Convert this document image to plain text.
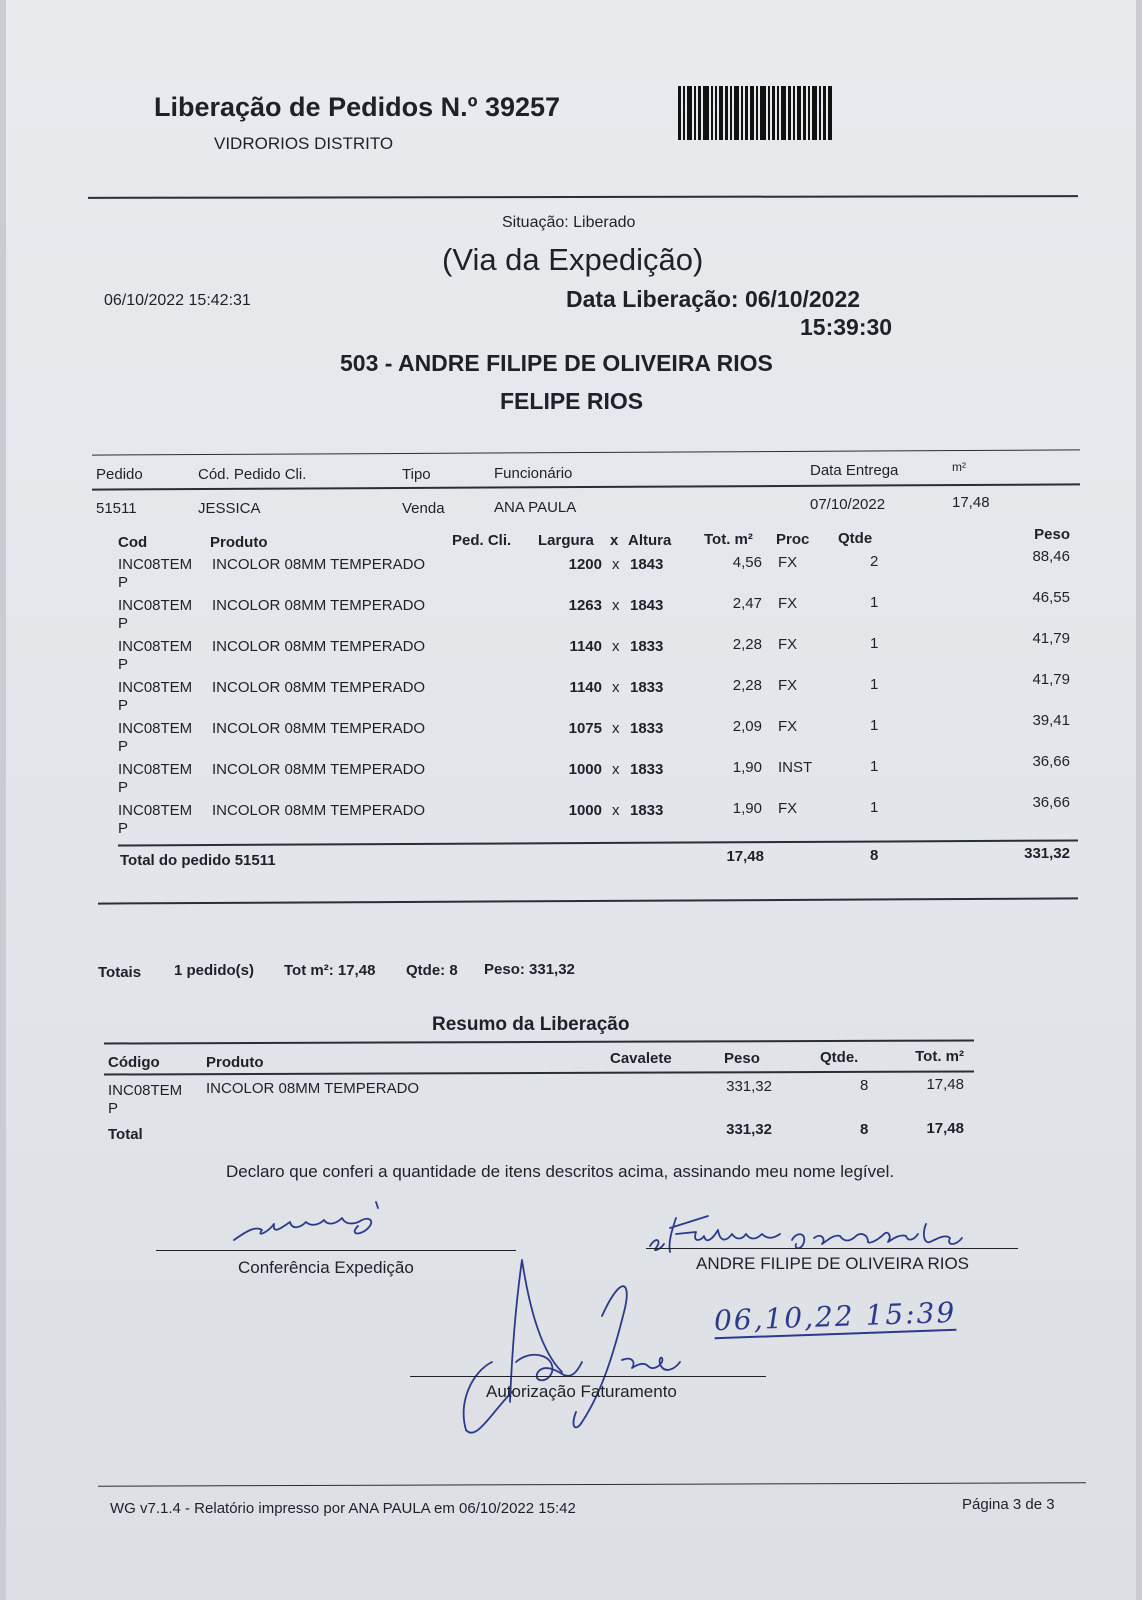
Liberação de Pedidos N.º 39257
VIDRORIOS DISTRITO
Situação: Liberado
(Via da Expedição)
06/10/2022 15:42:31	Data Liberação: 06/10/2022
15:39:30
503 - ANDRE FILIPE DE OLIVEIRA RIOS
FELIPE RIOS
Pedido	Cód. Pedido Cli.	Tipo	Funcionário	Data Entrega	m²
51511	JESSICA	Venda	ANA PAULA	07/10/2022	17,48
Cod	Produto	Ped. Cli. Largura x Altura Tot. m² Proc Qtde	Peso
INC08TEM
P
INCOLOR 08MM TEMPERADO	1200 x 1843	4,56 FX	2	88,46
INC08TEM
P
INCOLOR 08MM TEMPERADO	1263 x 1843	2,47 FX	1	46,55
INC08TEM
P
INCOLOR 08MM TEMPERADO	1140 x 1833	2,28 FX	1	41,79
INC08TEM
P
INCOLOR 08MM TEMPERADO	1140 x 1833	2,28 FX	1	41,79
INC08TEM
P
INCOLOR 08MM TEMPERADO	1075 x 1833	2,09 FX	1	39,41
INC08TEM
P
INCOLOR 08MM TEMPERADO	1000 x 1833	1,90 INST	1	36,66
INC08TEM
P
INCOLOR 08MM TEMPERADO	1000 x 1833	1,90 FX	1	36,66
Total do pedido 51511	17,48	8	331,32
Totais 1 pedido(s) Tot m²: 17,48 Qtde: 8 Peso: 331,32
Resumo da Liberação
Código	Produto	Cavalete	Peso	Qtde.	Tot. m²
INC08TEM
P
INCOLOR 08MM TEMPERADO	331,32	8	17,48
Total	331,32	8	17,48
Declaro que conferi a quantidade de itens descritos acima, assinando meu nome legível.
Conferência Expedição	ANDRE FILIPE DE OLIVEIRA RIOS
06,10,22 15:39
Autorização Faturamento
WG v7.1.4 - Relatório impresso por ANA PAULA em 06/10/2022 15:42	Página 3 de 3
